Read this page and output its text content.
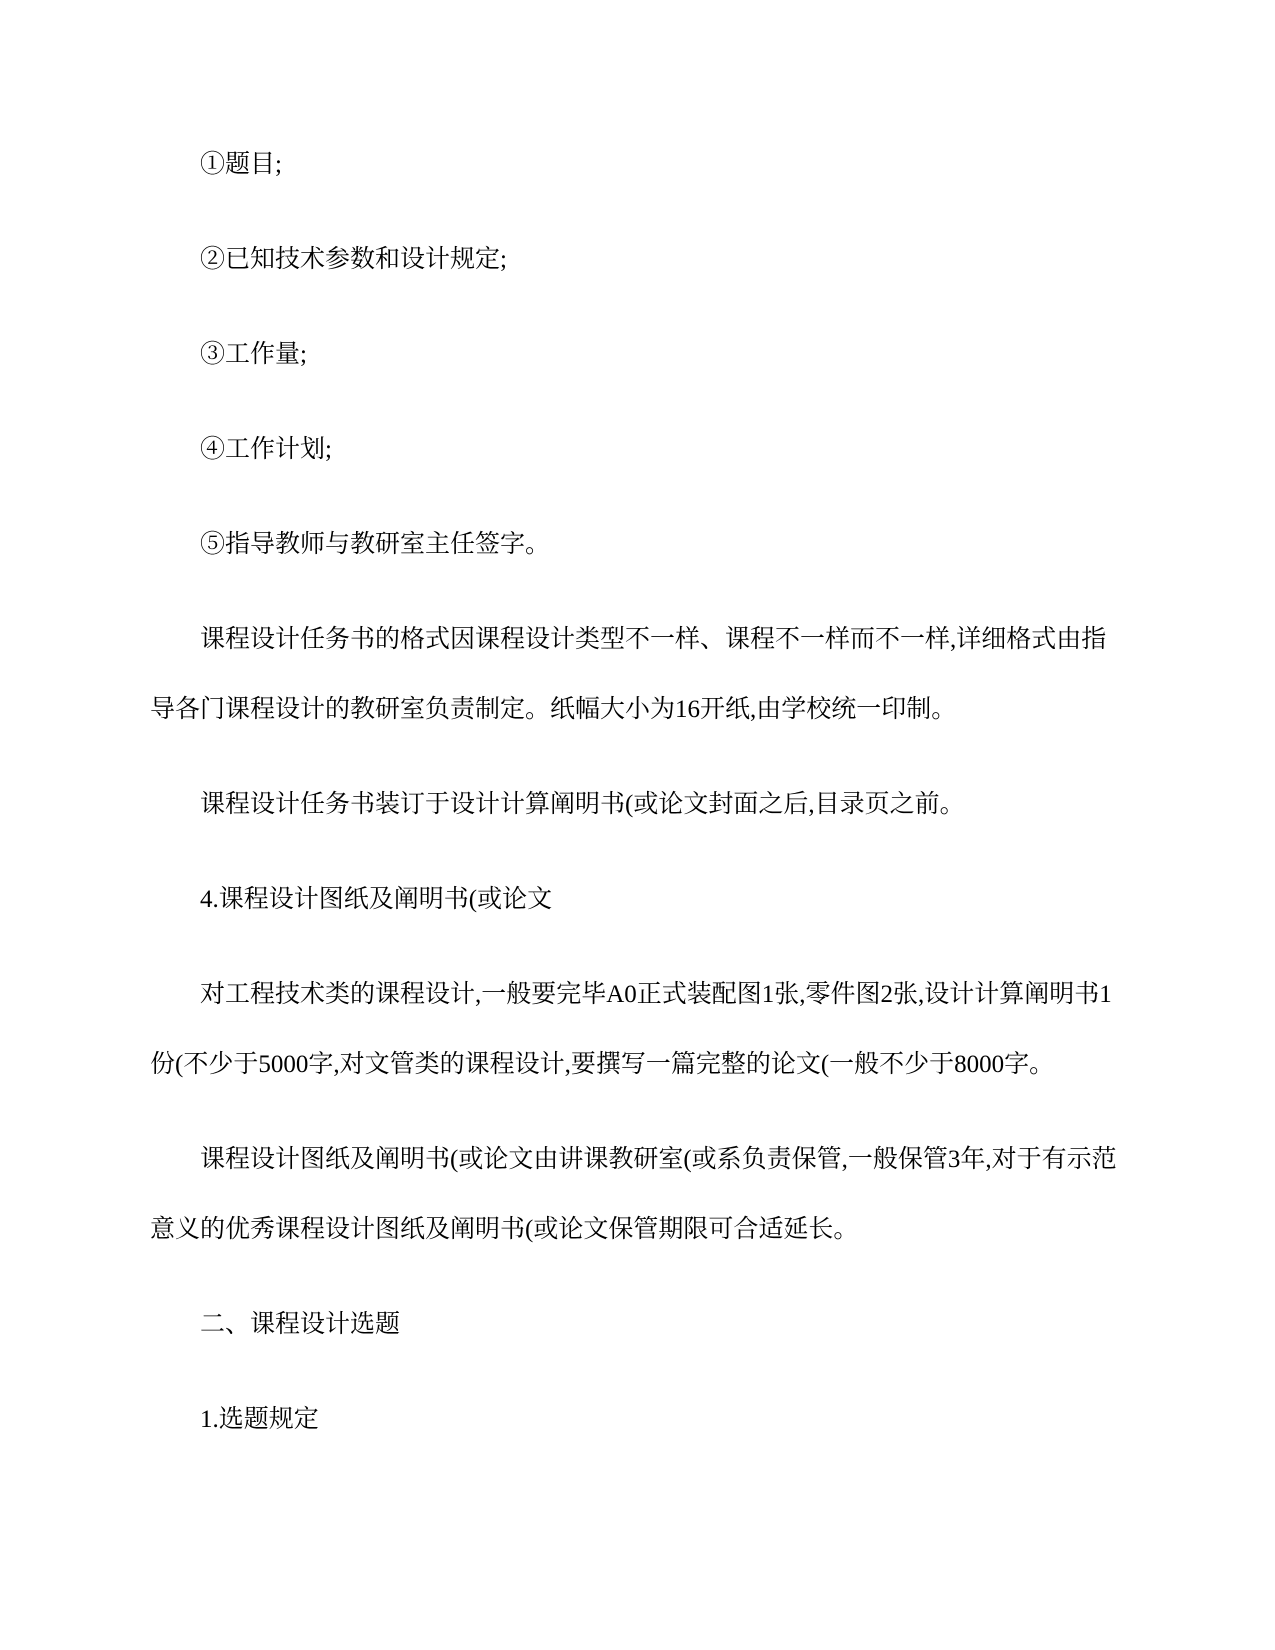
①题目;

②已知技术参数和设计规定;

③工作量;

④工作计划;

⑤指导教师与教研室主任签字。

课程设计任务书的格式因课程设计类型不一样、课程不一样而不一样,详细格式由指导各门课程设计的教研室负责制定。纸幅大小为16开纸,由学校统一印制。

课程设计任务书装订于设计计算阐明书(或论文封面之后,目录页之前。

4.课程设计图纸及阐明书(或论文

对工程技术类的课程设计,一般要完毕A0正式装配图1张,零件图2张,设计计算阐明书1份(不少于5000字,对文管类的课程设计,要撰写一篇完整的论文(一般不少于8000字。

课程设计图纸及阐明书(或论文由讲课教研室(或系负责保管,一般保管3年,对于有示范意义的优秀课程设计图纸及阐明书(或论文保管期限可合适延长。

二、课程设计选题

1.选题规定
